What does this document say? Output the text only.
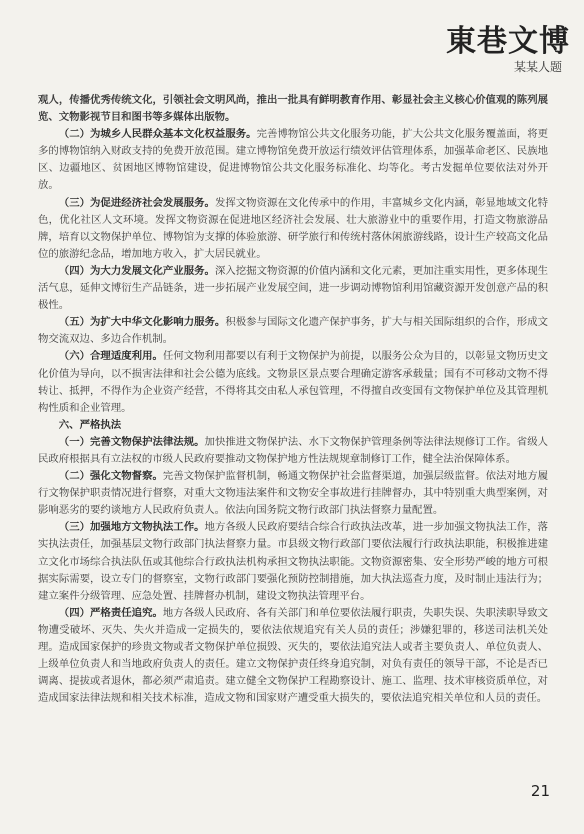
東巷文博
某某人题

观人，传播优秀传统文化，引领社会文明风尚，推出一批具有鲜明教育作用、彰显社会主义核心价值观的陈列展览、文物影视节目和图书等多媒体出版物。

（二）为城乡人民群众基本文化权益服务。完善博物馆公共文化服务功能，扩大公共文化服务覆盖面，将更多的博物馆纳入财政支持的免费开放范围。建立博物馆免费开放运行绩效评估管理体系，加强革命老区、民族地区、边疆地区、贫困地区博物馆建设，促进博物馆公共文化服务标准化、均等化。考古发掘单位要依法对外开放。

（三）为促进经济社会发展服务。发挥文物资源在文化传承中的作用，丰富城乡文化内涵，彰显地域文化特色，优化社区人文环境。发挥文物资源在促进地区经济社会发展、壮大旅游业中的重要作用，打造文物旅游品牌，培育以文物保护单位、博物馆为支撑的体验旅游、研学旅行和传统村落休闲旅游线路，设计生产较高文化品位的旅游纪念品，增加地方收入，扩大居民就业。

（四）为大力发展文化产业服务。深入挖掘文物资源的价值内涵和文化元素，更加注重实用性，更多体现生活气息，延伸文博衍生产品链条，进一步拓展产业发展空间，进一步调动博物馆利用馆藏资源开发创意产品的积极性。

（五）为扩大中华文化影响力服务。积极参与国际文化遗产保护事务，扩大与相关国际组织的合作，形成文物交流双边、多边合作机制。

（六）合理适度利用。任何文物利用都要以有利于文物保护为前提，以服务公众为目的，以彰显文物历史文化价值为导向，以不损害法律和社会公德为底线。文物景区景点要合理确定游客承载量；国有不可移动文物不得转让、抵押，不得作为企业资产经营，不得将其交由私人承包管理，不得擅自改变国有文物保护单位及其管理机构性质和企业管理。

六、严格执法

（一）完善文物保护法律法规。加快推进文物保护法、水下文物保护管理条例等法律法规修订工作。省级人民政府根据具有立法权的市级人民政府要推动文物保护地方性法规规章制修订工作，健全法治保障体系。

（二）强化文物督察。完善文物保护监督机制，畅通文物保护社会监督渠道，加强层级监督。依法对地方履行文物保护职责情况进行督察，对重大文物违法案件和文物安全事故进行挂牌督办，其中特别重大典型案例，对影响恶劣的要约谈地方人民政府负责人。依法向国务院文物行政部门执法督察力量配置。

（三）加强地方文物执法工作。地方各级人民政府要结合综合行政执法改革，进一步加强文物执法工作，落实执法责任，加强基层文物行政部门执法督察力量。市县级文物行政部门要依法履行行政执法职能，积极推进建立文化市场综合执法队伍或其他综合行政执法机构承担文物执法职能。文物资源密集、安全形势严峻的地方可根据实际需要，设立专门的督察室，文物行政部门要强化预防控制措施，加大执法巡查力度，及时制止违法行为；建立案件分级管理、应急处置、挂牌督办机制，建设文物执法管理平台。

（四）严格责任追究。地方各级人民政府、各有关部门和单位要依法履行职责，失职失误、失职渎职导致文物遭受破坏、灭失、失火并造成一定损失的，要依法依规追究有关人员的责任；涉嫌犯罪的，移送司法机关处理。造成国家保护的珍贵文物或者文物保护单位损毁、灭失的，要依法追究法人或者主要负责人、单位负责人、上级单位负责人和当地政府负责人的责任。建立文物保护责任终身追究制，对负有责任的领导干部，不论是否已调离、提拔或者退休，都必须严肃追责。建立健全文物保护工程勘察设计、施工、监理、技术审核资质单位，对造成国家法律法规和相关技术标准，造成文物和国家财产遭受重大损失的，要依法追究相关单位和人员的责任。

21
